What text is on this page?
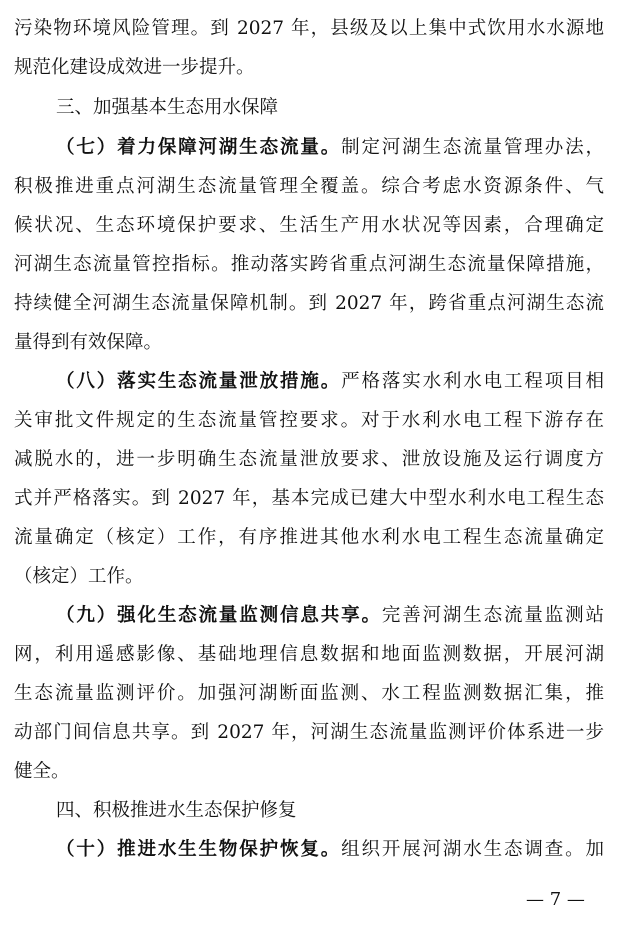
污染物环境风险管理。到 2027 年，县级及以上集中式饮用水水源地
规范化建设成效进一步提升。
三、加强基本生态用水保障
（七）着力保障河湖生态流量。制定河湖生态流量管理办法，
积极推进重点河湖生态流量管理全覆盖。综合考虑水资源条件、气
候状况、生态环境保护要求、生活生产用水状况等因素，合理确定
河湖生态流量管控指标。推动落实跨省重点河湖生态流量保障措施，
持续健全河湖生态流量保障机制。到 2027 年，跨省重点河湖生态流
量得到有效保障。
（八）落实生态流量泄放措施。严格落实水利水电工程项目相
关审批文件规定的生态流量管控要求。对于水利水电工程下游存在
减脱水的，进一步明确生态流量泄放要求、泄放设施及运行调度方
式并严格落实。到 2027 年，基本完成已建大中型水利水电工程生态
流量确定（核定）工作，有序推进其他水利水电工程生态流量确定
（核定）工作。
（九）强化生态流量监测信息共享。完善河湖生态流量监测站
网，利用遥感影像、基础地理信息数据和地面监测数据，开展河湖
生态流量监测评价。加强河湖断面监测、水工程监测数据汇集，推
动部门间信息共享。到 2027 年，河湖生态流量监测评价体系进一步
健全。
四、积极推进水生态保护修复
（十）推进水生生物保护恢复。组织开展河湖水生态调查。加
— 7 —
